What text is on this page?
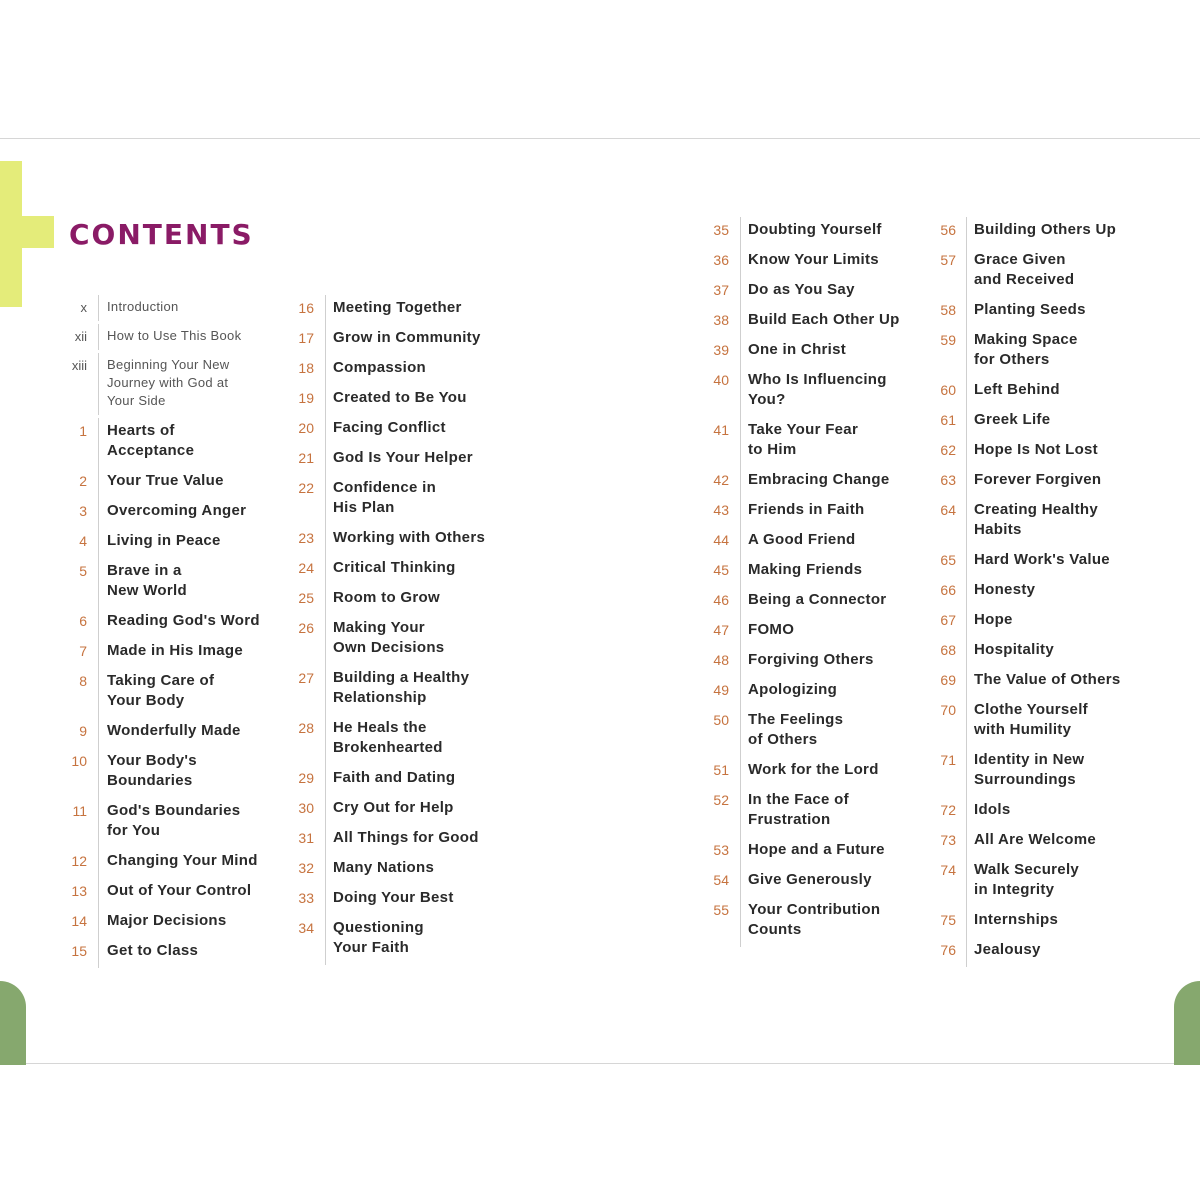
CONTENTS
x Introduction
xii How to Use This Book
xiii Beginning Your New
Journey with God at
Your Side
1 Hearts of
Acceptance
2 Your True Value
3 Overcoming Anger
4 Living in Peace
5 Brave in a
New World
6 Reading God's Word
7 Made in His Image
8 Taking Care of
Your Body
9 Wonderfully Made
10 Your Body's
Boundaries
11 God's Boundaries
for You
12 Changing Your Mind
13 Out of Your Control
14 Major Decisions
15 Get to Class
16 Meeting Together
17 Grow in Community
18 Compassion
19 Created to Be You
20 Facing Conflict
21 God Is Your Helper
22 Confidence in
His Plan
23 Working with Others
24 Critical Thinking
25 Room to Grow
26 Making Your
Own Decisions
27 Building a Healthy
Relationship
28 He Heals the
Brokenhearted
29 Faith and Dating
30 Cry Out for Help
31 All Things for Good
32 Many Nations
33 Doing Your Best
34 Questioning
Your Faith
35 Doubting Yourself
36 Know Your Limits
37 Do as You Say
38 Build Each Other Up
39 One in Christ
40 Who Is Influencing
You?
41 Take Your Fear
to Him
42 Embracing Change
43 Friends in Faith
44 A Good Friend
45 Making Friends
46 Being a Connector
47 FOMO
48 Forgiving Others
49 Apologizing
50 The Feelings
of Others
51 Work for the Lord
52 In the Face of
Frustration
53 Hope and a Future
54 Give Generously
55 Your Contribution
Counts
56 Building Others Up
57 Grace Given
and Received
58 Planting Seeds
59 Making Space
for Others
60 Left Behind
61 Greek Life
62 Hope Is Not Lost
63 Forever Forgiven
64 Creating Healthy
Habits
65 Hard Work's Value
66 Honesty
67 Hope
68 Hospitality
69 The Value of Others
70 Clothe Yourself
with Humility
71 Identity in New
Surroundings
72 Idols
73 All Are Welcome
74 Walk Securely
in Integrity
75 Internships
76 Jealousy
